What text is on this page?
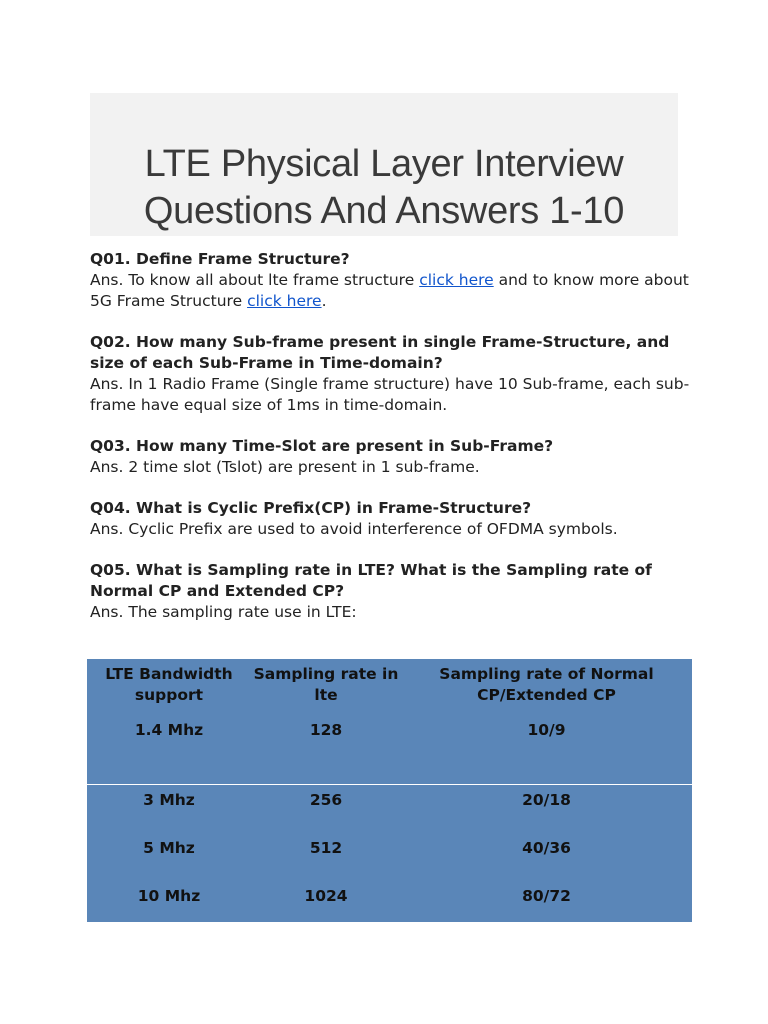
LTE Physical Layer Interview
Questions And Answers 1-10

Q01. Define Frame Structure?

Ans. To know all about lte frame structure click here and to know more about 5G Frame Structure click here.

Q02. How many Sub-frame present in single Frame-Structure, and size of each Sub-Frame in Time-domain?

Ans. In 1 Radio Frame (Single frame structure) have 10 Sub-frame, each sub-frame have equal size of 1ms in time-domain.

Q03. How many Time-Slot are present in Sub-Frame?

Ans. 2 time slot (Tslot) are present in 1 sub-frame.

Q04. What is Cyclic Prefix(CP) in Frame-Structure?

Ans. Cyclic Prefix are used to avoid interference of OFDMA symbols.

Q05. What is Sampling rate in LTE? What is the Sampling rate of Normal CP and Extended CP?

Ans. The sampling rate use in LTE:

LTE Bandwidth support	Sampling rate in lte	Sampling rate of Normal CP/Extended CP
1.4 Mhz	128	10/9
3 Mhz	256	20/18
5 Mhz	512	40/36
10 Mhz	1024	80/72
